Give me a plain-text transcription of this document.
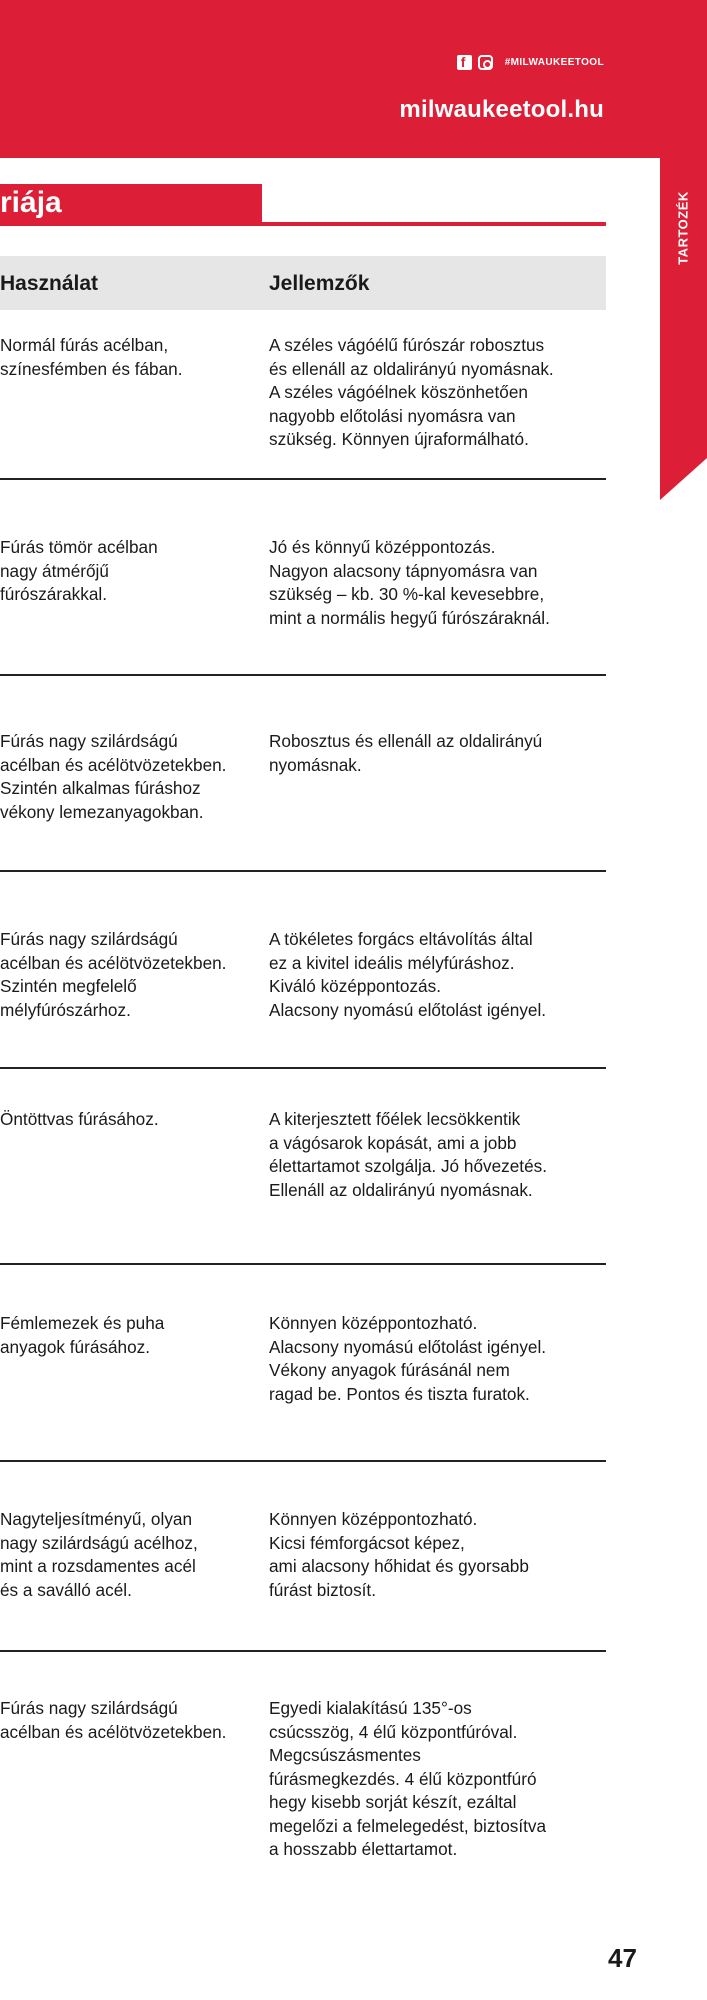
f
#MILWAUKEETOOL
milwaukeetool.hu
TARTOZÉK
riája
Használat	Jellemzők
Normál fúrás acélban,
színesfémben és fában.
A széles vágóélű fúrószár robosztus
és ellenáll az oldalirányú nyomásnak.
A széles vágóélnek köszönhetően
nagyobb előtolási nyomásra van
szükség. Könnyen újraformálható.
Fúrás tömör acélban
nagy átmérőjű
fúrószárakkal.
Jó és könnyű középpontozás.
Nagyon alacsony tápnyomásra van
szükség – kb. 30 %-kal kevesebbre,
mint a normális hegyű fúrószáraknál.
Fúrás nagy szilárdságú
acélban és acélötvözetekben.
Szintén alkalmas fúráshoz
vékony lemezanyagokban.
Robosztus és ellenáll az oldalirányú
nyomásnak.
Fúrás nagy szilárdságú
acélban és acélötvözetekben.
Szintén megfelelő
mélyfúrószárhoz.
A tökéletes forgács eltávolítás által
ez a kivitel ideális mélyfúráshoz.
Kiváló középpontozás.
Alacsony nyomású előtolást igényel.
Öntöttvas fúrásához.	A kiterjesztett főélek lecsökkentik
a vágósarok kopását, ami a jobb
élettartamot szolgálja. Jó hővezetés.
Ellenáll az oldalirányú nyomásnak.
Fémlemezek és puha
anyagok fúrásához.
Könnyen középpontozható.
Alacsony nyomású előtolást igényel.
Vékony anyagok fúrásánál nem
ragad be. Pontos és tiszta furatok.
Nagyteljesítményű, olyan
nagy szilárdságú acélhoz,
mint a rozsdamentes acél
és a saválló acél.
Könnyen középpontozható.
Kicsi fémforgácsot képez,
ami alacsony hőhidat és gyorsabb
fúrást biztosít.
Fúrás nagy szilárdságú
acélban és acélötvözetekben.
Egyedi kialakítású 135°-os
csúcsszög, 4 élű központfúróval.
Megcsúszásmentes
fúrásmegkezdés. 4 élű központfúró
hegy kisebb sorját készít, ezáltal
megelőzi a felmelegedést, biztosítva
a hosszabb élettartamot.
47
